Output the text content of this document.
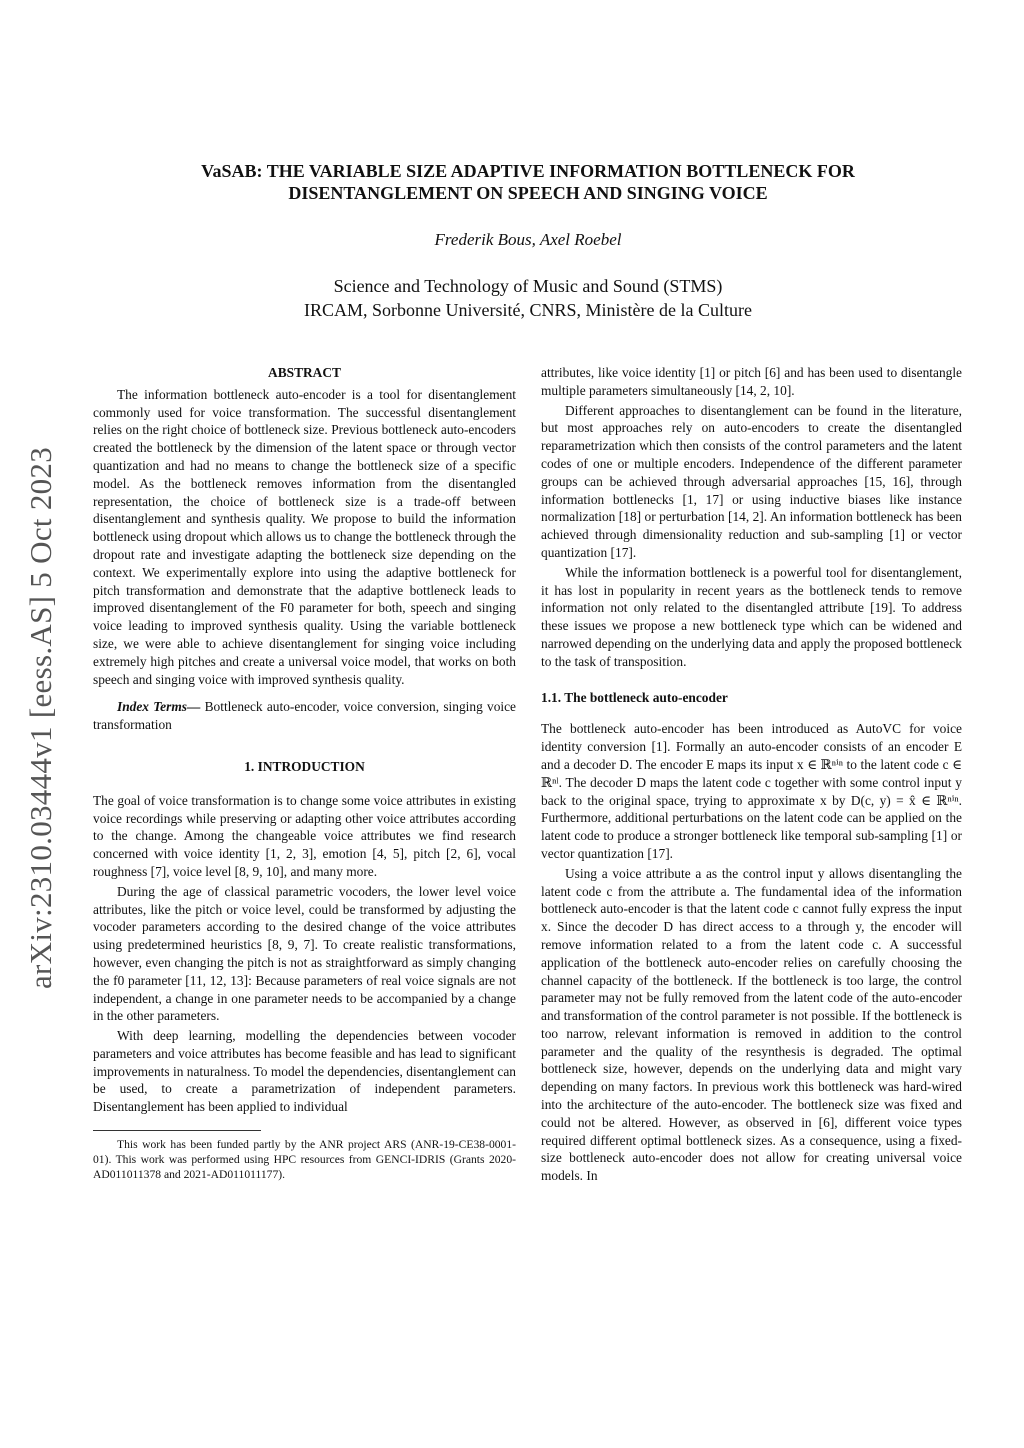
VaSAB: THE VARIABLE SIZE ADAPTIVE INFORMATION BOTTLENECK FOR
DISENTANGLEMENT ON SPEECH AND SINGING VOICE
Frederik Bous, Axel Roebel
Science and Technology of Music and Sound (STMS)
IRCAM, Sorbonne Université, CNRS, Ministère de la Culture
arXiv:2310.03444v1 [eess.AS] 5 Oct 2023
ABSTRACT

The information bottleneck auto-encoder is a tool for disentanglement commonly used for voice transformation. The successful disentanglement relies on the right choice of bottleneck size. Previous bottleneck auto-encoders created the bottleneck by the dimension of the latent space or through vector quantization and had no means to change the bottleneck size of a specific model. As the bottleneck removes information from the disentangled representation, the choice of bottleneck size is a trade-off between disentanglement and synthesis quality. We propose to build the information bottleneck using dropout which allows us to change the bottleneck through the dropout rate and investigate adapting the bottleneck size depending on the context. We experimentally explore into using the adaptive bottleneck for pitch transformation and demonstrate that the adaptive bottleneck leads to improved disentanglement of the F0 parameter for both, speech and singing voice leading to improved synthesis quality. Using the variable bottleneck size, we were able to achieve disentanglement for singing voice including extremely high pitches and create a universal voice model, that works on both speech and singing voice with improved synthesis quality.

Index Terms— Bottleneck auto-encoder, voice conversion, singing voice transformation

1. INTRODUCTION

The goal of voice transformation is to change some voice attributes in existing voice recordings while preserving or adapting other voice attributes according to the change. Among the changeable voice attributes we find research concerned with voice identity [1, 2, 3], emotion [4, 5], pitch [2, 6], vocal roughness [7], voice level [8, 9, 10], and many more.

During the age of classical parametric vocoders, the lower level voice attributes, like the pitch or voice level, could be transformed by adjusting the vocoder parameters according to the desired change of the voice attributes using predetermined heuristics [8, 9, 7]. To create realistic transformations, however, even changing the pitch is not as straightforward as simply changing the f0 parameter [11, 12, 13]: Because parameters of real voice signals are not independent, a change in one parameter needs to be accompanied by a change in the other parameters.

With deep learning, modelling the dependencies between vocoder parameters and voice attributes has become feasible and has lead to significant improvements in naturalness. To model the dependencies, disentanglement can be used, to create a parametrization of independent parameters. Disentanglement has been applied to individual

This work has been funded partly by the ANR project ARS (ANR-19-CE38-0001-01). This work was performed using HPC resources from GENCI-IDRIS (Grants 2020-AD011011378 and 2021-AD011011177).

attributes, like voice identity [1] or pitch [6] and has been used to disentangle multiple parameters simultaneously [14, 2, 10].

Different approaches to disentanglement can be found in the literature, but most approaches rely on auto-encoders to create the disentangled reparametrization which then consists of the control parameters and the latent codes of one or multiple encoders. Independence of the different parameter groups can be achieved through adversarial approaches [15, 16], through information bottlenecks [1, 17] or using inductive biases like instance normalization [18] or perturbation [14, 2]. An information bottleneck has been achieved through dimensionality reduction and sub-sampling [1] or vector quantization [17].

While the information bottleneck is a powerful tool for disentanglement, it has lost in popularity in recent years as the bottleneck tends to remove information not only related to the disentangled attribute [19]. To address these issues we propose a new bottleneck type which can be widened and narrowed depending on the underlying data and apply the proposed bottleneck to the task of transposition.

1.1. The bottleneck auto-encoder

The bottleneck auto-encoder has been introduced as AutoVC for voice identity conversion [1]. Formally an auto-encoder consists of an encoder E and a decoder D. The encoder E maps its input x ∈ ℝⁿⁱⁿ to the latent code c ∈ ℝⁿˡ. The decoder D maps the latent code c together with some control input y back to the original space, trying to approximate x by D(c, y) = x̂ ∈ ℝⁿⁱⁿ. Furthermore, additional perturbations on the latent code can be applied on the latent code to produce a stronger bottleneck like temporal sub-sampling [1] or vector quantization [17].

Using a voice attribute a as the control input y allows disentangling the latent code c from the attribute a. The fundamental idea of the information bottleneck auto-encoder is that the latent code c cannot fully express the input x. Since the decoder D has direct access to a through y, the encoder will remove information related to a from the latent code c. A successful application of the bottleneck auto-encoder relies on carefully choosing the channel capacity of the bottleneck. If the bottleneck is too large, the control parameter may not be fully removed from the latent code of the auto-encoder and transformation of the control parameter is not possible. If the bottleneck is too narrow, relevant information is removed in addition to the control parameter and the quality of the resynthesis is degraded. The optimal bottleneck size, however, depends on the underlying data and might vary depending on many factors. In previous work this bottleneck was hard-wired into the architecture of the auto-encoder. The bottleneck size was fixed and could not be altered. However, as observed in [6], different voice types required different optimal bottleneck sizes. As a consequence, using a fixed-size bottleneck auto-encoder does not allow for creating universal voice models. In
